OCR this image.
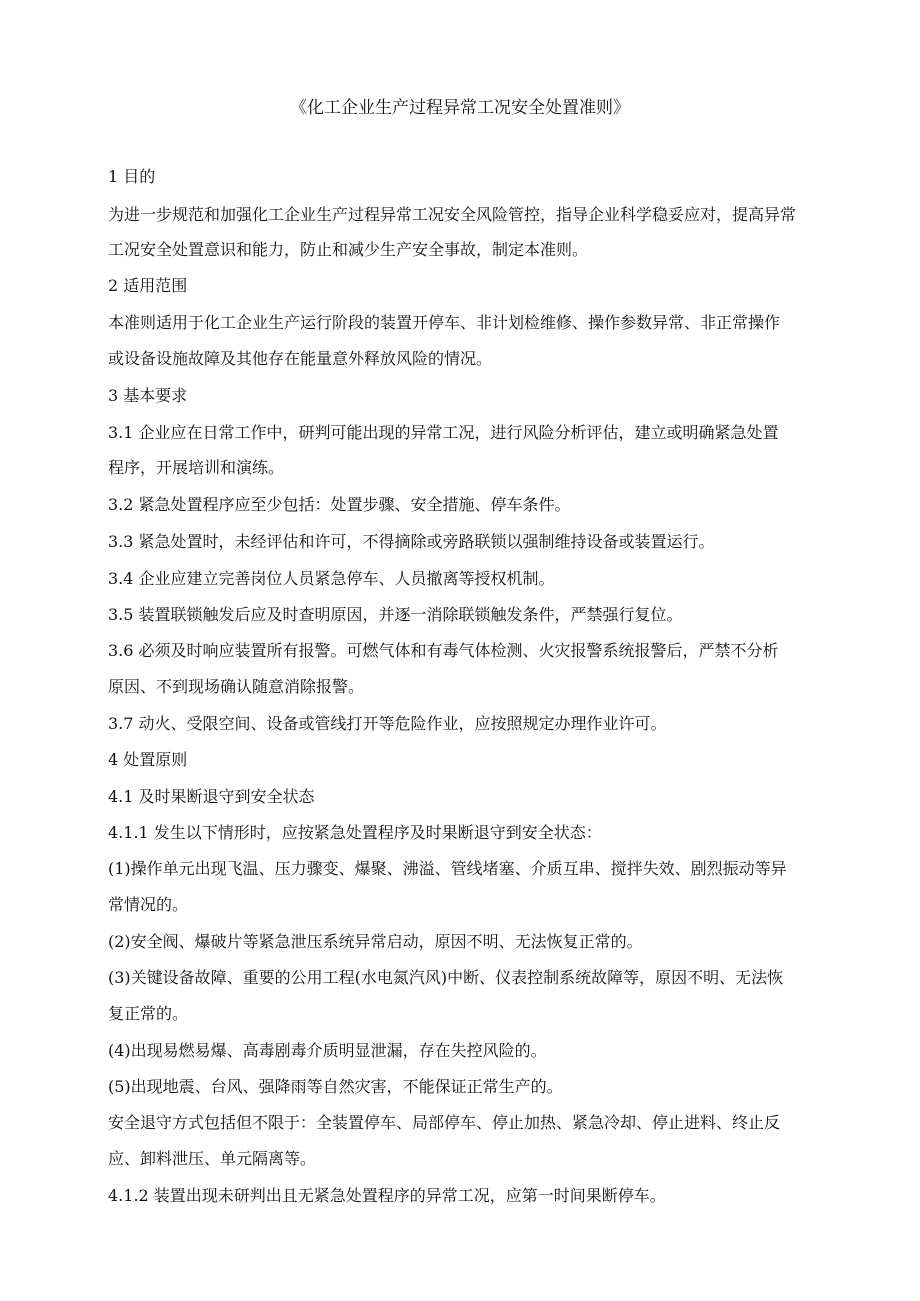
《化工企业生产过程异常工况安全处置准则》
1 目的
为进一步规范和加强化工企业生产过程异常工况安全风险管控，指导企业科学稳妥应对，提高异常
工况安全处置意识和能力，防止和减少生产安全事故，制定本准则。
2 适用范围
本准则适用于化工企业生产运行阶段的装置开停车、非计划检维修、操作参数异常、非正常操作
或设备设施故障及其他存在能量意外释放风险的情况。
3 基本要求
3.1 企业应在日常工作中，研判可能出现的异常工况，进行风险分析评估，建立或明确紧急处置
程序，开展培训和演练。
3.2 紧急处置程序应至少包括：处置步骤、安全措施、停车条件。
3.3 紧急处置时，未经评估和许可，不得摘除或旁路联锁以强制维持设备或装置运行。
3.4 企业应建立完善岗位人员紧急停车、人员撤离等授权机制。
3.5 装置联锁触发后应及时查明原因，并逐一消除联锁触发条件，严禁强行复位。
3.6 必须及时响应装置所有报警。可燃气体和有毒气体检测、火灾报警系统报警后，严禁不分析
原因、不到现场确认随意消除报警。
3.7 动火、受限空间、设备或管线打开等危险作业，应按照规定办理作业许可。
4 处置原则
4.1 及时果断退守到安全状态
4.1.1 发生以下情形时，应按紧急处置程序及时果断退守到安全状态：
(1)操作单元出现飞温、压力骤变、爆聚、沸溢、管线堵塞、介质互串、搅拌失效、剧烈振动等异
常情况的。
(2)安全阀、爆破片等紧急泄压系统异常启动，原因不明、无法恢复正常的。
(3)关键设备故障、重要的公用工程(水电氮汽风)中断、仪表控制系统故障等，原因不明、无法恢
复正常的。
(4)出现易燃易爆、高毒剧毒介质明显泄漏，存在失控风险的。
(5)出现地震、台风、强降雨等自然灾害，不能保证正常生产的。
安全退守方式包括但不限于：全装置停车、局部停车、停止加热、紧急冷却、停止进料、终止反
应、卸料泄压、单元隔离等。
4.1.2 装置出现未研判出且无紧急处置程序的异常工况，应第一时间果断停车。
